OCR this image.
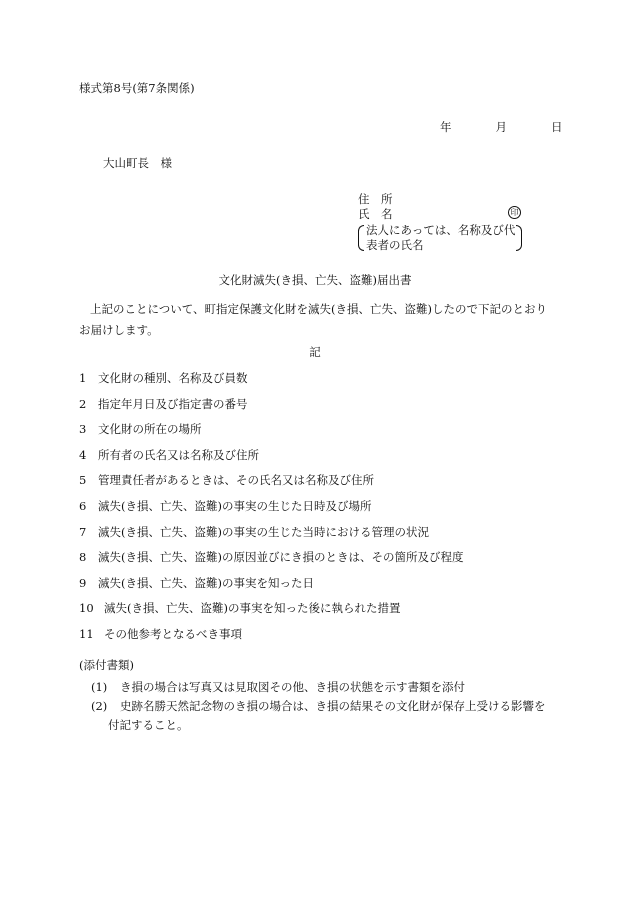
様式第8号(第7条関係)
年	月	日
大山町長　様
住　所
氏　名	印
法人にあっては、名称及び代
表者の氏名
文化財滅失(き損、亡失、盗難)届出書
上記のことについて、町指定保護文化財を滅失(き損、亡失、盗難)したので下記のとおりお届けします。
記
1 文化財の種別、名称及び員数
2 指定年月日及び指定書の番号
3 文化財の所在の場所
4 所有者の氏名又は名称及び住所
5 管理責任者があるときは、その氏名又は名称及び住所
6 滅失(き損、亡失、盗難)の事実の生じた日時及び場所
7 滅失(き損、亡失、盗難)の事実の生じた当時における管理の状況
8 滅失(き損、亡失、盗難)の原因並びにき損のときは、その箇所及び程度
9 滅失(き損、亡失、盗難)の事実を知った日
10 滅失(き損、亡失、盗難)の事実を知った後に執られた措置
11 その他参考となるべき事項
(添付書類)
(1) き損の場合は写真又は見取図その他、き損の状態を示す書類を添付
(2) 史跡名勝天然記念物のき損の場合は、き損の結果その文化財が保存上受ける影響を
付記すること。
